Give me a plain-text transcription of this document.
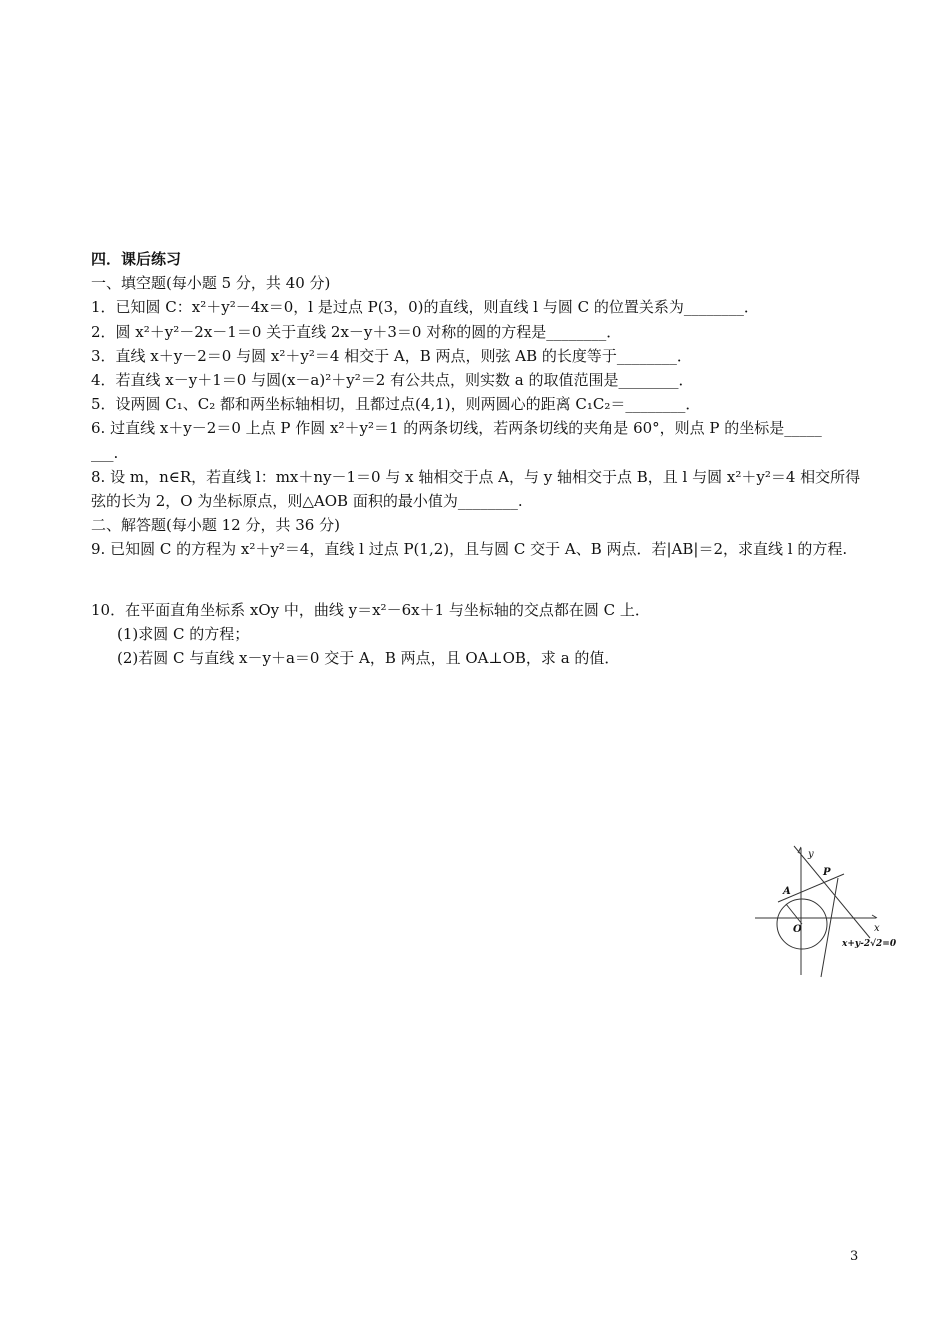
四．课后练习
一、填空题(每小题 5 分，共 40 分)
1．已知圆 C：x²＋y²－4x＝0，l 是过点 P(3，0)的直线，则直线 l 与圆 C 的位置关系为________．
2．圆 x²＋y²－2x－1＝0 关于直线 2x－y＋3＝0 对称的圆的方程是________．
3．直线 x＋y－2＝0 与圆 x²＋y²＝4 相交于 A，B 两点，则弦 AB 的长度等于________．
4．若直线 x－y＋1＝0 与圆(x－a)²＋y²＝2 有公共点，则实数 a 的取值范围是________．
5．设两圆 C₁、C₂ 都和两坐标轴相切，且都过点(4,1)，则两圆心的距离 C₁C₂＝________．
6. 过直线 x＋y－2＝0 上点 P 作圆 x²＋y²＝1 的两条切线，若两条切线的夹角是 60°，则点 P 的坐标是_____
___.
8. 设 m，n∈R，若直线 l：mx＋ny－1＝0 与 x 轴相交于点 A，与 y 轴相交于点 B，且 l 与圆 x²＋y²＝4 相交所得
弦的长为 2，O 为坐标原点，则△AOB 面积的最小值为________.
二、解答题(每小题 12 分，共 36 分)
9. 已知圆 C 的方程为 x²＋y²＝4，直线 l 过点 P(1,2)，且与圆 C 交于 A、B 两点．若|AB|＝2，求直线 l 的方程.
10．在平面直角坐标系 xOy 中，曲线 y＝x²－6x＋1 与坐标轴的交点都在圆 C 上．
(1)求圆 C 的方程；
(2)若圆 C 与直线 x－y＋a＝0 交于 A，B 两点，且 OA⊥OB，求 a 的值．
y
P
A
x
O
x+y-2√2=0
3
